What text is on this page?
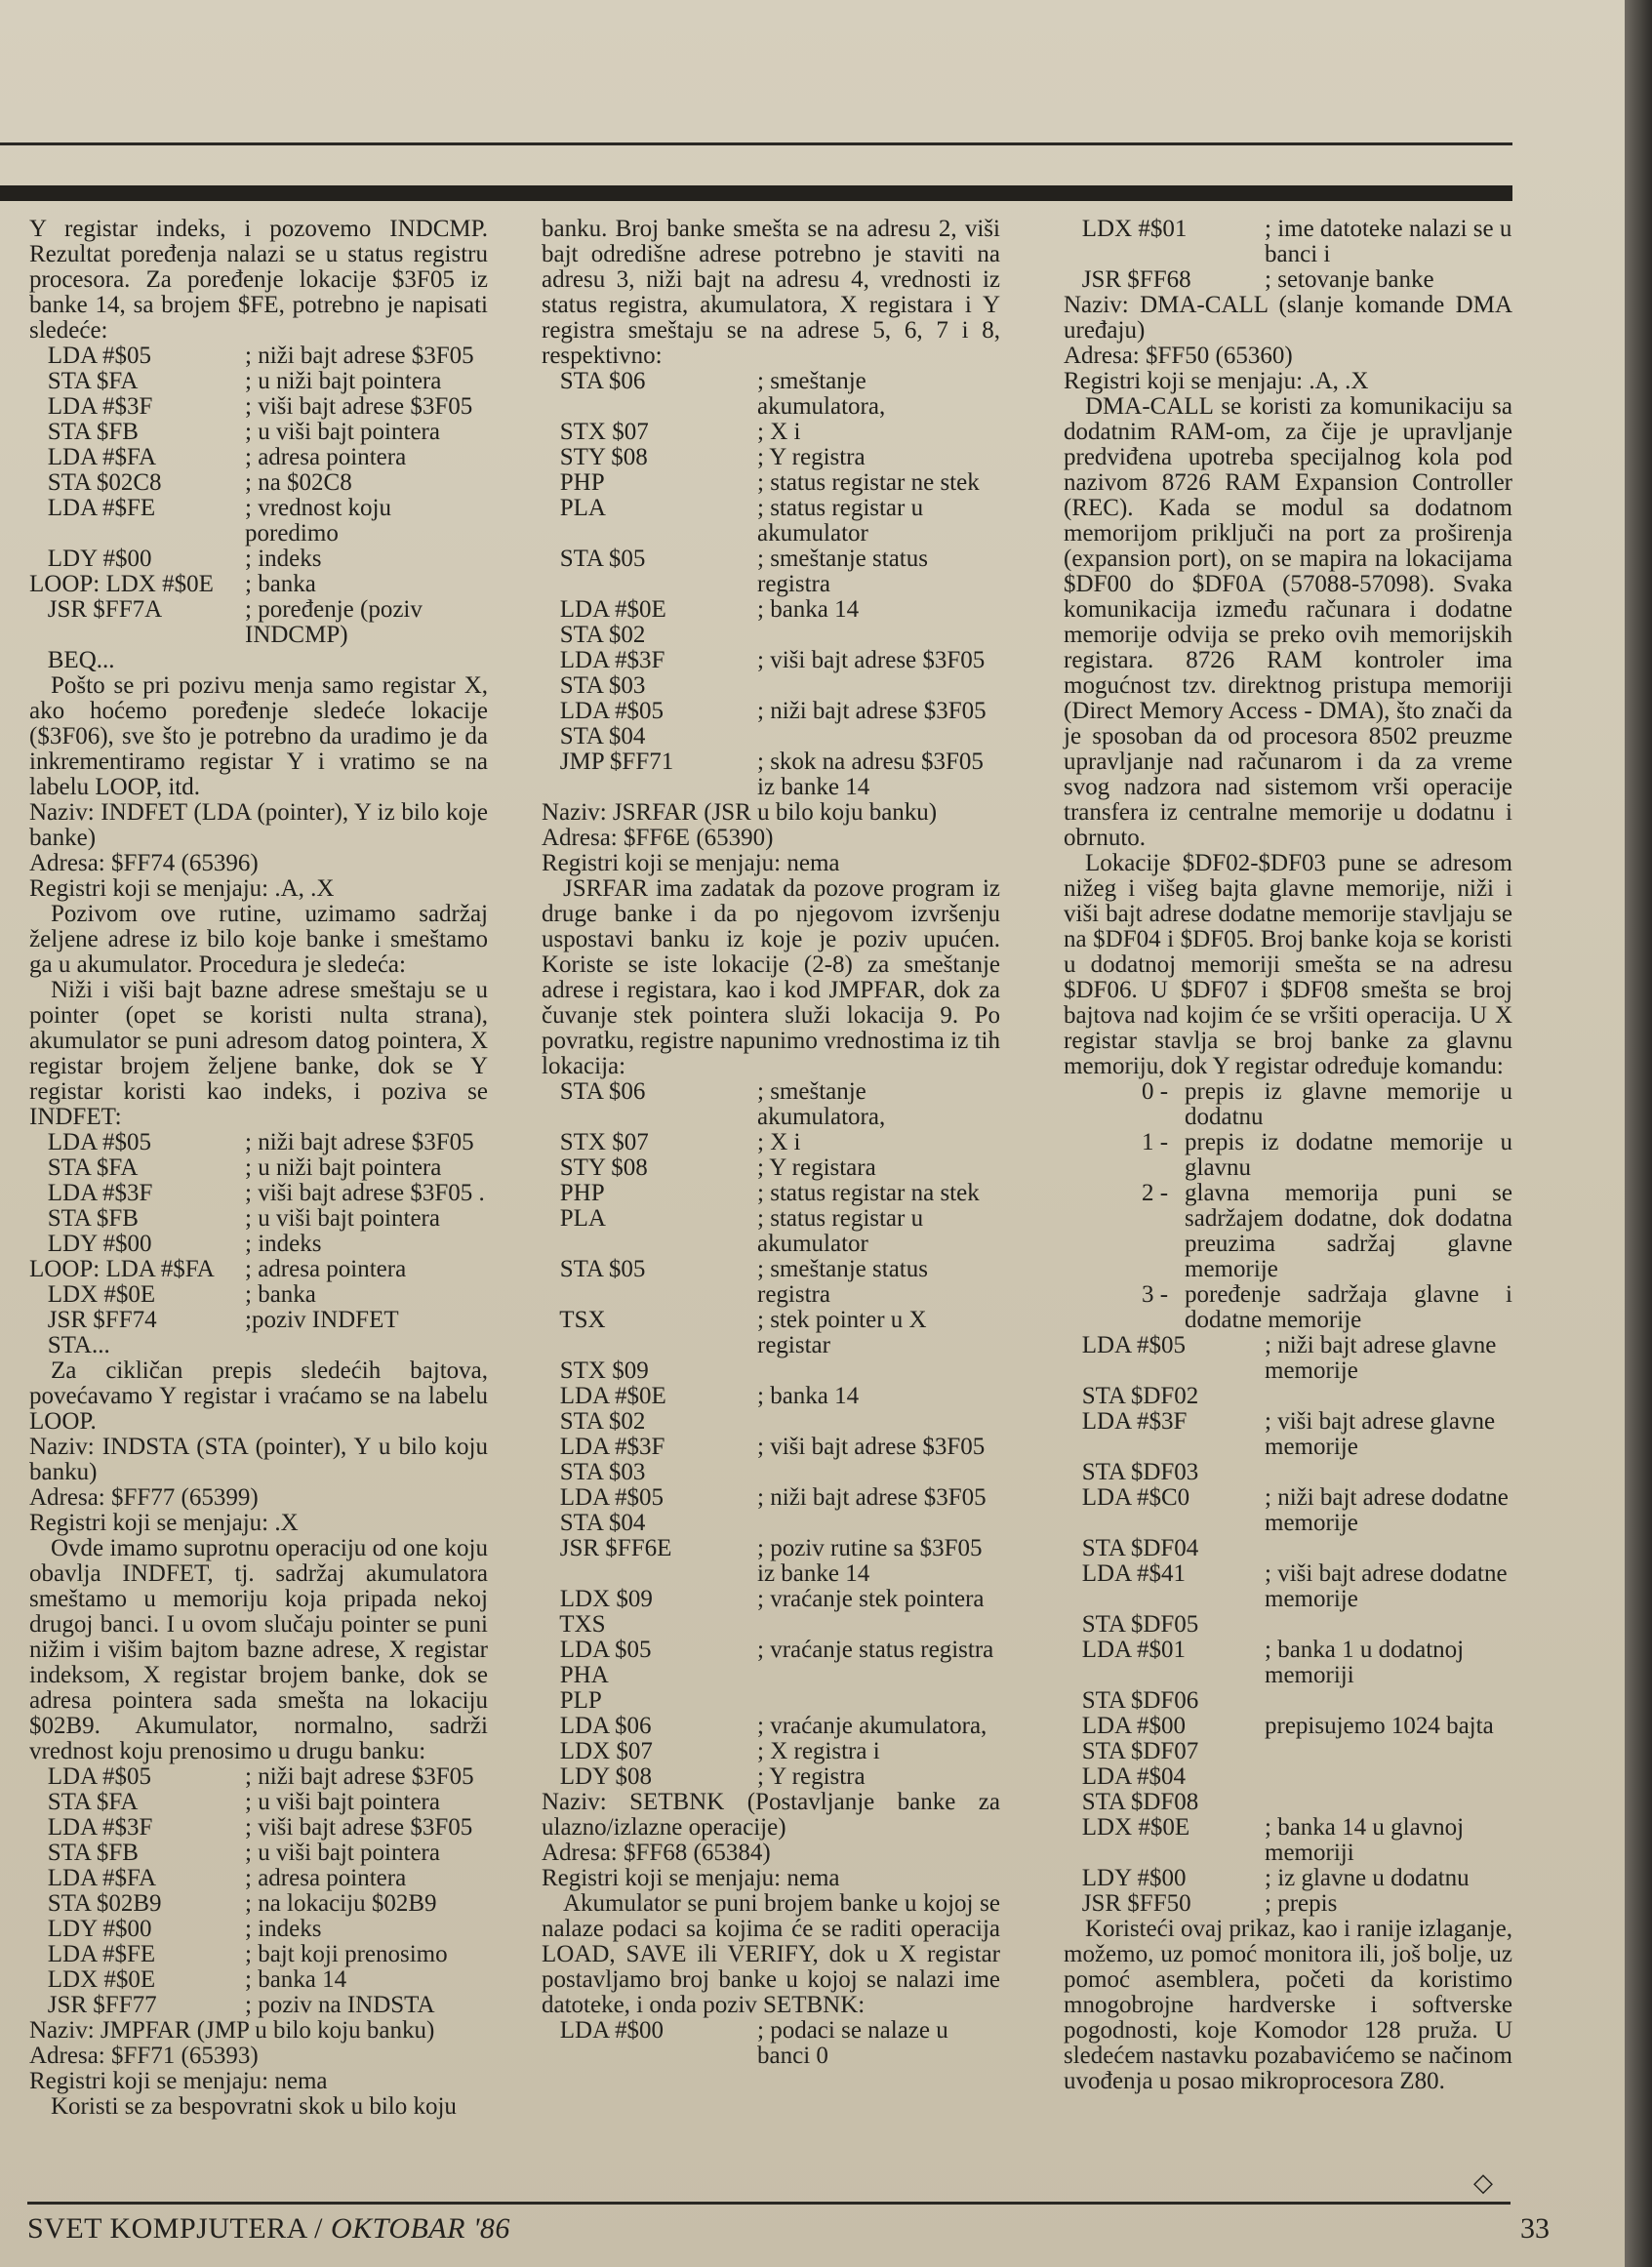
Y registar indeks, i pozovemo INDCMP. Rezultat poređenja nalazi se u status registru procesora. Za poređenje lokacije $3F05 iz banke 14, sa brojem $FE, potrebno je napisati sledeće:

LDA #$05	; niži bajt adrese $3F05
STA $FA	; u niži bajt pointera
LDA #$3F	; viši bajt adrese $3F05
STA $FB	; u viši bajt pointera
LDA #$FA	; adresa pointera
STA $02C8	; na $02C8
LDA #$FE	; vrednost koju poredimo
LDY #$00	; indeks
LOOP: LDX #$0E	; banka
JSR $FF7A	; poređenje (poziv INDCMP)
BEQ...

Pošto se pri pozivu menja samo registar X, ako hoćemo poređenje sledeće lokacije ($3F06), sve što je potrebno da uradimo je da inkrementiramo registar Y i vratimo se na labelu LOOP, itd.

Naziv: INDFET (LDA (pointer), Y iz bilo koje banke)

Adresa: $FF74 (65396)

Registri koji se menjaju: .A, .X

Pozivom ove rutine, uzimamo sadržaj željene adrese iz bilo koje banke i smeštamo ga u akumulator. Procedura je sledeća:

Niži i viši bajt bazne adrese smeštaju se u pointer (opet se koristi nulta strana), akumulator se puni adresom datog pointera, X registar brojem željene banke, dok se Y registar koristi kao indeks, i poziva se INDFET:

LDA #$05	; niži bajt adrese $3F05
STA $FA	; u niži bajt pointera
LDA #$3F	; viši bajt adrese $3F05 .
STA $FB	; u viši bajt pointera
LDY #$00	; indeks
LOOP: LDA #$FA	; adresa pointera
LDX #$0E	; banka
JSR $FF74	;poziv INDFET
STA...

Za cikličan prepis sledećih bajtova, povećavamo Y registar i vraćamo se na labelu LOOP.

Naziv: INDSTA (STA (pointer), Y u bilo koju banku)

Adresa: $FF77 (65399)

Registri koji se menjaju: .X

Ovde imamo suprotnu operaciju od one koju obavlja INDFET, tj. sadržaj akumulatora smeštamo u memoriju koja pripada nekoj drugoj banci. I u ovom slučaju pointer se puni nižim i višim bajtom bazne adrese, X registar indeksom, X registar brojem banke, dok se adresa pointera sada smešta na lokaciju $02B9. Akumulator, normalno, sadrži vrednost koju prenosimo u drugu banku:

LDA #$05	; niži bajt adrese $3F05
STA $FA	; u viši bajt pointera
LDA #$3F	; viši bajt adrese $3F05
STA $FB	; u viši bajt pointera
LDA #$FA	; adresa pointera
STA $02B9	; na lokaciju $02B9
LDY #$00	; indeks
LDA #$FE	; bajt koji prenosimo
LDX #$0E	; banka 14
JSR $FF77	; poziv na INDSTA

Naziv: JMPFAR (JMP u bilo koju banku)

Adresa: $FF71 (65393)

Registri koji se menjaju: nema

Koristi se za bespovratni skok u bilo koju

banku. Broj banke smešta se na adresu 2, viši bajt odredišne adrese potrebno je staviti na adresu 3, niži bajt na adresu 4, vrednosti iz status registra, akumulatora, X registara i Y registra smeštaju se na adrese 5, 6, 7 i 8, respektivno:

STA $06	; smeštanje akumulatora,
STX $07	; X i
STY $08	; Y registra
PHP	; status registar ne stek
PLA	; status registar u akumulator
STA $05	; smeštanje status registra
LDA #$0E	; banka 14
STA $02
LDA #$3F	; viši bajt adrese $3F05
STA $03
LDA #$05	; niži bajt adrese $3F05
STA $04
JMP $FF71	; skok na adresu $3F05 iz banke 14

Naziv: JSRFAR (JSR u bilo koju banku)

Adresa: $FF6E (65390)

Registri koji se menjaju: nema

JSRFAR ima zadatak da pozove program iz druge banke i da po njegovom izvršenju uspostavi banku iz koje je poziv upućen. Koriste se iste lokacije (2-8) za smeštanje adrese i registara, kao i kod JMPFAR, dok za čuvanje stek pointera služi lokacija 9. Po povratku, registre napunimo vrednostima iz tih lokacija:

STA $06	; smeštanje akumulatora,
STX $07	; X i
STY $08	; Y registara
PHP	; status registar na stek
PLA	; status registar u akumulator
STA $05	; smeštanje status registra
TSX	; stek pointer u X registar
STX $09
LDA #$0E	; banka 14
STA $02
LDA #$3F	; viši bajt adrese $3F05
STA $03
LDA #$05	; niži bajt adrese $3F05
STA $04
JSR $FF6E	; poziv rutine sa $3F05 iz banke 14
LDX $09	; vraćanje stek pointera
TXS
LDA $05	; vraćanje status registra
PHA
PLP
LDA $06	; vraćanje akumulatora,
LDX $07	; X registra i
LDY $08	; Y registra

Naziv: SETBNK (Postavljanje banke za ulazno/izlazne operacije)

Adresa: $FF68 (65384)

Registri koji se menjaju: nema

Akumulator se puni brojem banke u kojoj se nalaze podaci sa kojima će se raditi operacija LOAD, SAVE ili VERIFY, dok u X registar postavljamo broj banke u kojoj se nalazi ime datoteke, i onda poziv SETBNK:

LDA #$00	; podaci se nalaze u banci 0
LDX #$01	; ime datoteke nalazi se u banci i
JSR $FF68	; setovanje banke

Naziv: DMA-CALL (slanje komande DMA uređaju)

Adresa: $FF50 (65360)

Registri koji se menjaju: .A, .X

DMA-CALL se koristi za komunikaciju sa dodatnim RAM-om, za čije je upravljanje predviđena upotreba specijalnog kola pod nazivom 8726 RAM Expansion Controller (REC). Kada se modul sa dodatnom memorijom priključi na port za proširenja (expansion port), on se mapira na lokacijama $DF00 do $DF0A (57088-57098). Svaka komunikacija između računara i dodatne memorije odvija se preko ovih memorijskih registara. 8726 RAM kontroler ima mogućnost tzv. direktnog pristupa memoriji (Direct Memory Access - DMA), što znači da je sposoban da od procesora 8502 preuzme upravljanje nad računarom i da za vreme svog nadzora nad sistemom vrši operacije transfera iz centralne memorije u dodatnu i obrnuto.

Lokacije $DF02-$DF03 pune se adresom nižeg i višeg bajta glavne memorije, niži i viši bajt adrese dodatne memorije stavljaju se na $DF04 i $DF05. Broj banke koja se koristi u dodatnoj memoriji smešta se na adresu $DF06. U $DF07 i $DF08 smešta se broj bajtova nad kojim će se vršiti operacija. U X registar stavlja se broj banke za glavnu memoriju, dok Y registar određuje komandu:

0 - prepis iz glavne memorije u dodatnu
1 - prepis iz dodatne memorije u glavnu
2 - glavna memorija puni se sadržajem dodatne, dok dodatna preuzima sadržaj glavne memorije
3 - poređenje sadržaja glavne i dodatne memorije
LDA #$05	; niži bajt adrese glavne memorije
STA $DF02
LDA #$3F	; viši bajt adrese glavne memorije
STA $DF03
LDA #$C0	; niži bajt adrese dodatne memorije
STA $DF04
LDA #$41	; viši bajt adrese dodatne memorije
STA $DF05
LDA #$01	; banka 1 u dodatnoj memoriji
STA $DF06
LDA #$00	prepisujemo 1024 bajta
STA $DF07
LDA #$04
STA $DF08
LDX #$0E	; banka 14 u glavnoj memoriji
LDY #$00	; iz glavne u dodatnu
JSR $FF50	; prepis

Koristeći ovaj prikaz, kao i ranije izlaganje, možemo, uz pomoć monitora ili, još bolje, uz pomoć asemblera, početi da koristimo mnogobrojne hardverske i softverske pogodnosti, koje Komodor 128 pruža. U sledećem nastavku pozabavićemo se načinom uvođenja u posao mikroprocesora Z80.

◇
SVET KOMPJUTERA / OKTOBAR '86	33
